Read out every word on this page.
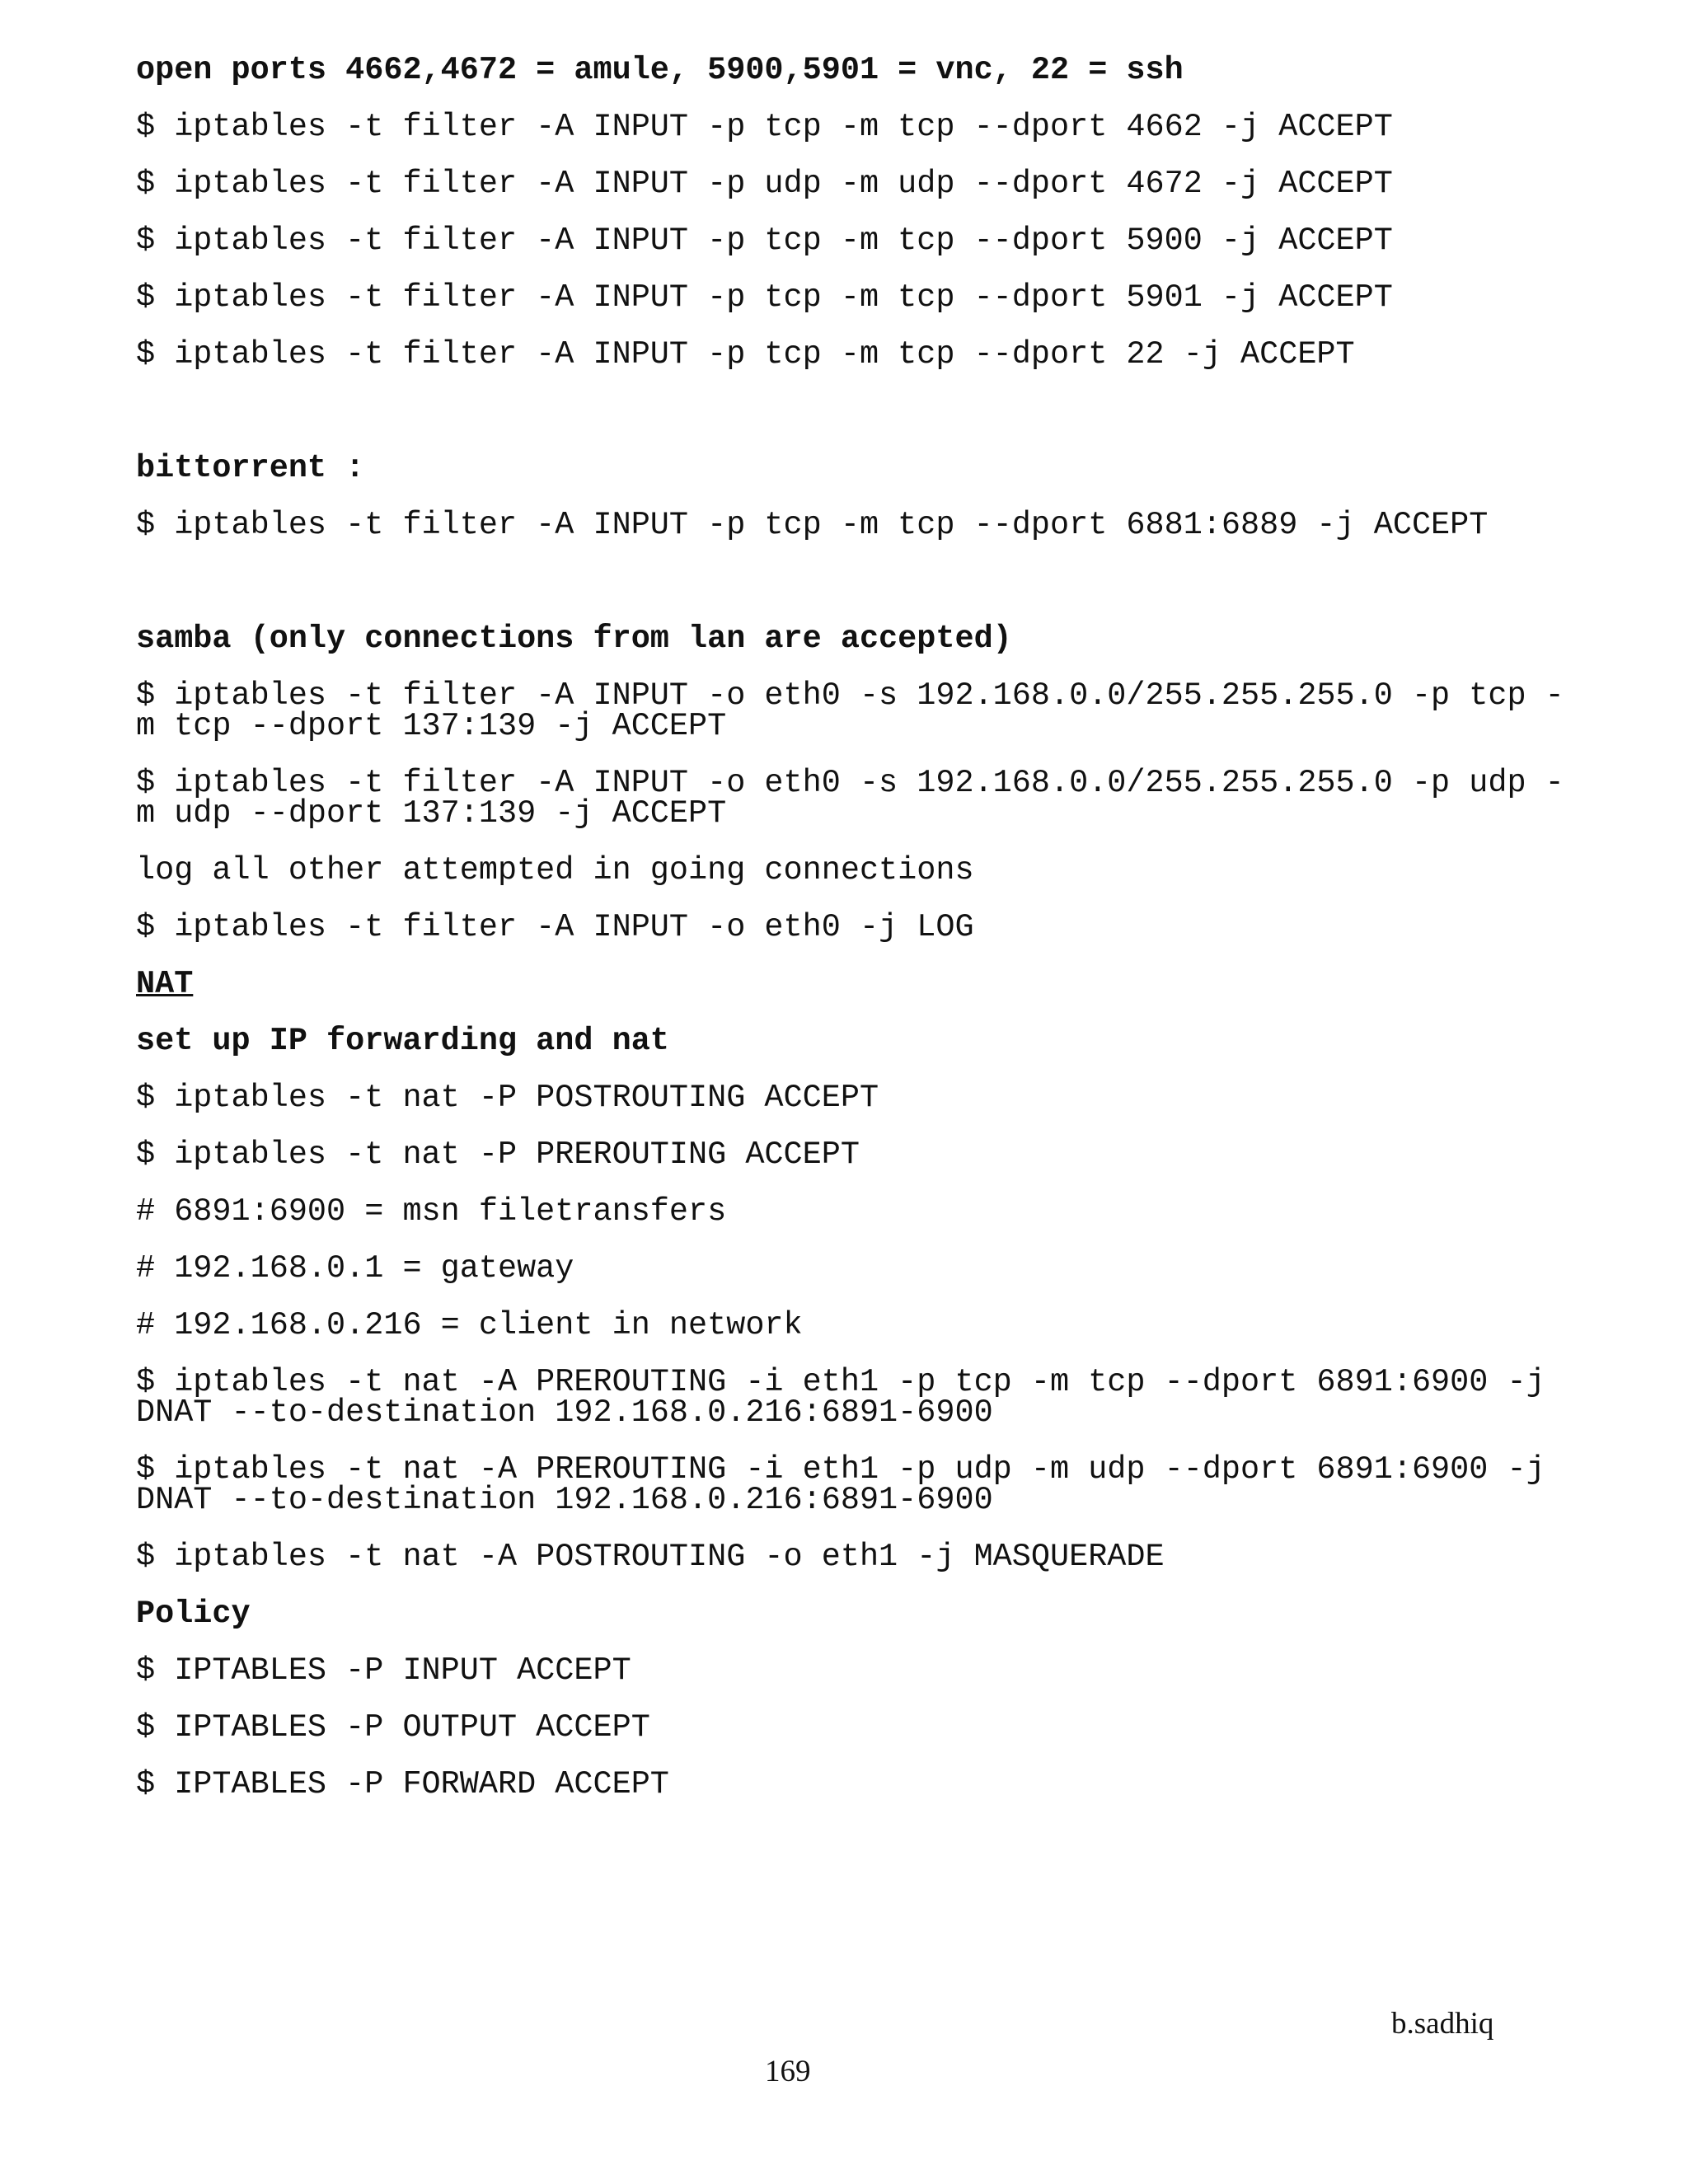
open ports 4662,4672 = amule, 5900,5901 = vnc, 22 = ssh

$ iptables -t filter -A INPUT -p tcp -m tcp --dport 4662 -j ACCEPT

$ iptables -t filter -A INPUT -p udp -m udp --dport 4672 -j ACCEPT

$ iptables -t filter -A INPUT -p tcp -m tcp --dport 5900 -j ACCEPT

$ iptables -t filter -A INPUT -p tcp -m tcp --dport 5901 -j ACCEPT

$ iptables -t filter -A INPUT -p tcp -m tcp --dport 22 -j ACCEPT

bittorrent :

$ iptables -t filter -A INPUT -p tcp -m tcp --dport 6881:6889 -j ACCEPT

samba (only connections from lan are accepted)

$ iptables -t filter -A INPUT -o eth0 -s 192.168.0.0/255.255.255.0 -p tcp -

m tcp --dport 137:139 -j ACCEPT

$ iptables -t filter -A INPUT -o eth0 -s 192.168.0.0/255.255.255.0 -p udp -

m udp --dport 137:139 -j ACCEPT

log all other attempted in going connections

$ iptables -t filter -A INPUT -o eth0 -j LOG

NAT

set up IP forwarding and nat

$ iptables -t nat -P POSTROUTING ACCEPT

$ iptables -t nat -P PREROUTING ACCEPT

# 6891:6900 = msn filetransfers

# 192.168.0.1 = gateway

# 192.168.0.216 = client in network

$ iptables -t nat -A PREROUTING -i eth1 -p tcp -m tcp --dport 6891:6900 -j

DNAT --to-destination 192.168.0.216:6891-6900

$ iptables -t nat -A PREROUTING -i eth1 -p udp -m udp --dport 6891:6900 -j

DNAT --to-destination 192.168.0.216:6891-6900

$ iptables -t nat -A POSTROUTING -o eth1 -j MASQUERADE

Policy

$ IPTABLES -P INPUT ACCEPT

$ IPTABLES -P OUTPUT ACCEPT

$ IPTABLES -P FORWARD ACCEPT

b.sadhiq

169
